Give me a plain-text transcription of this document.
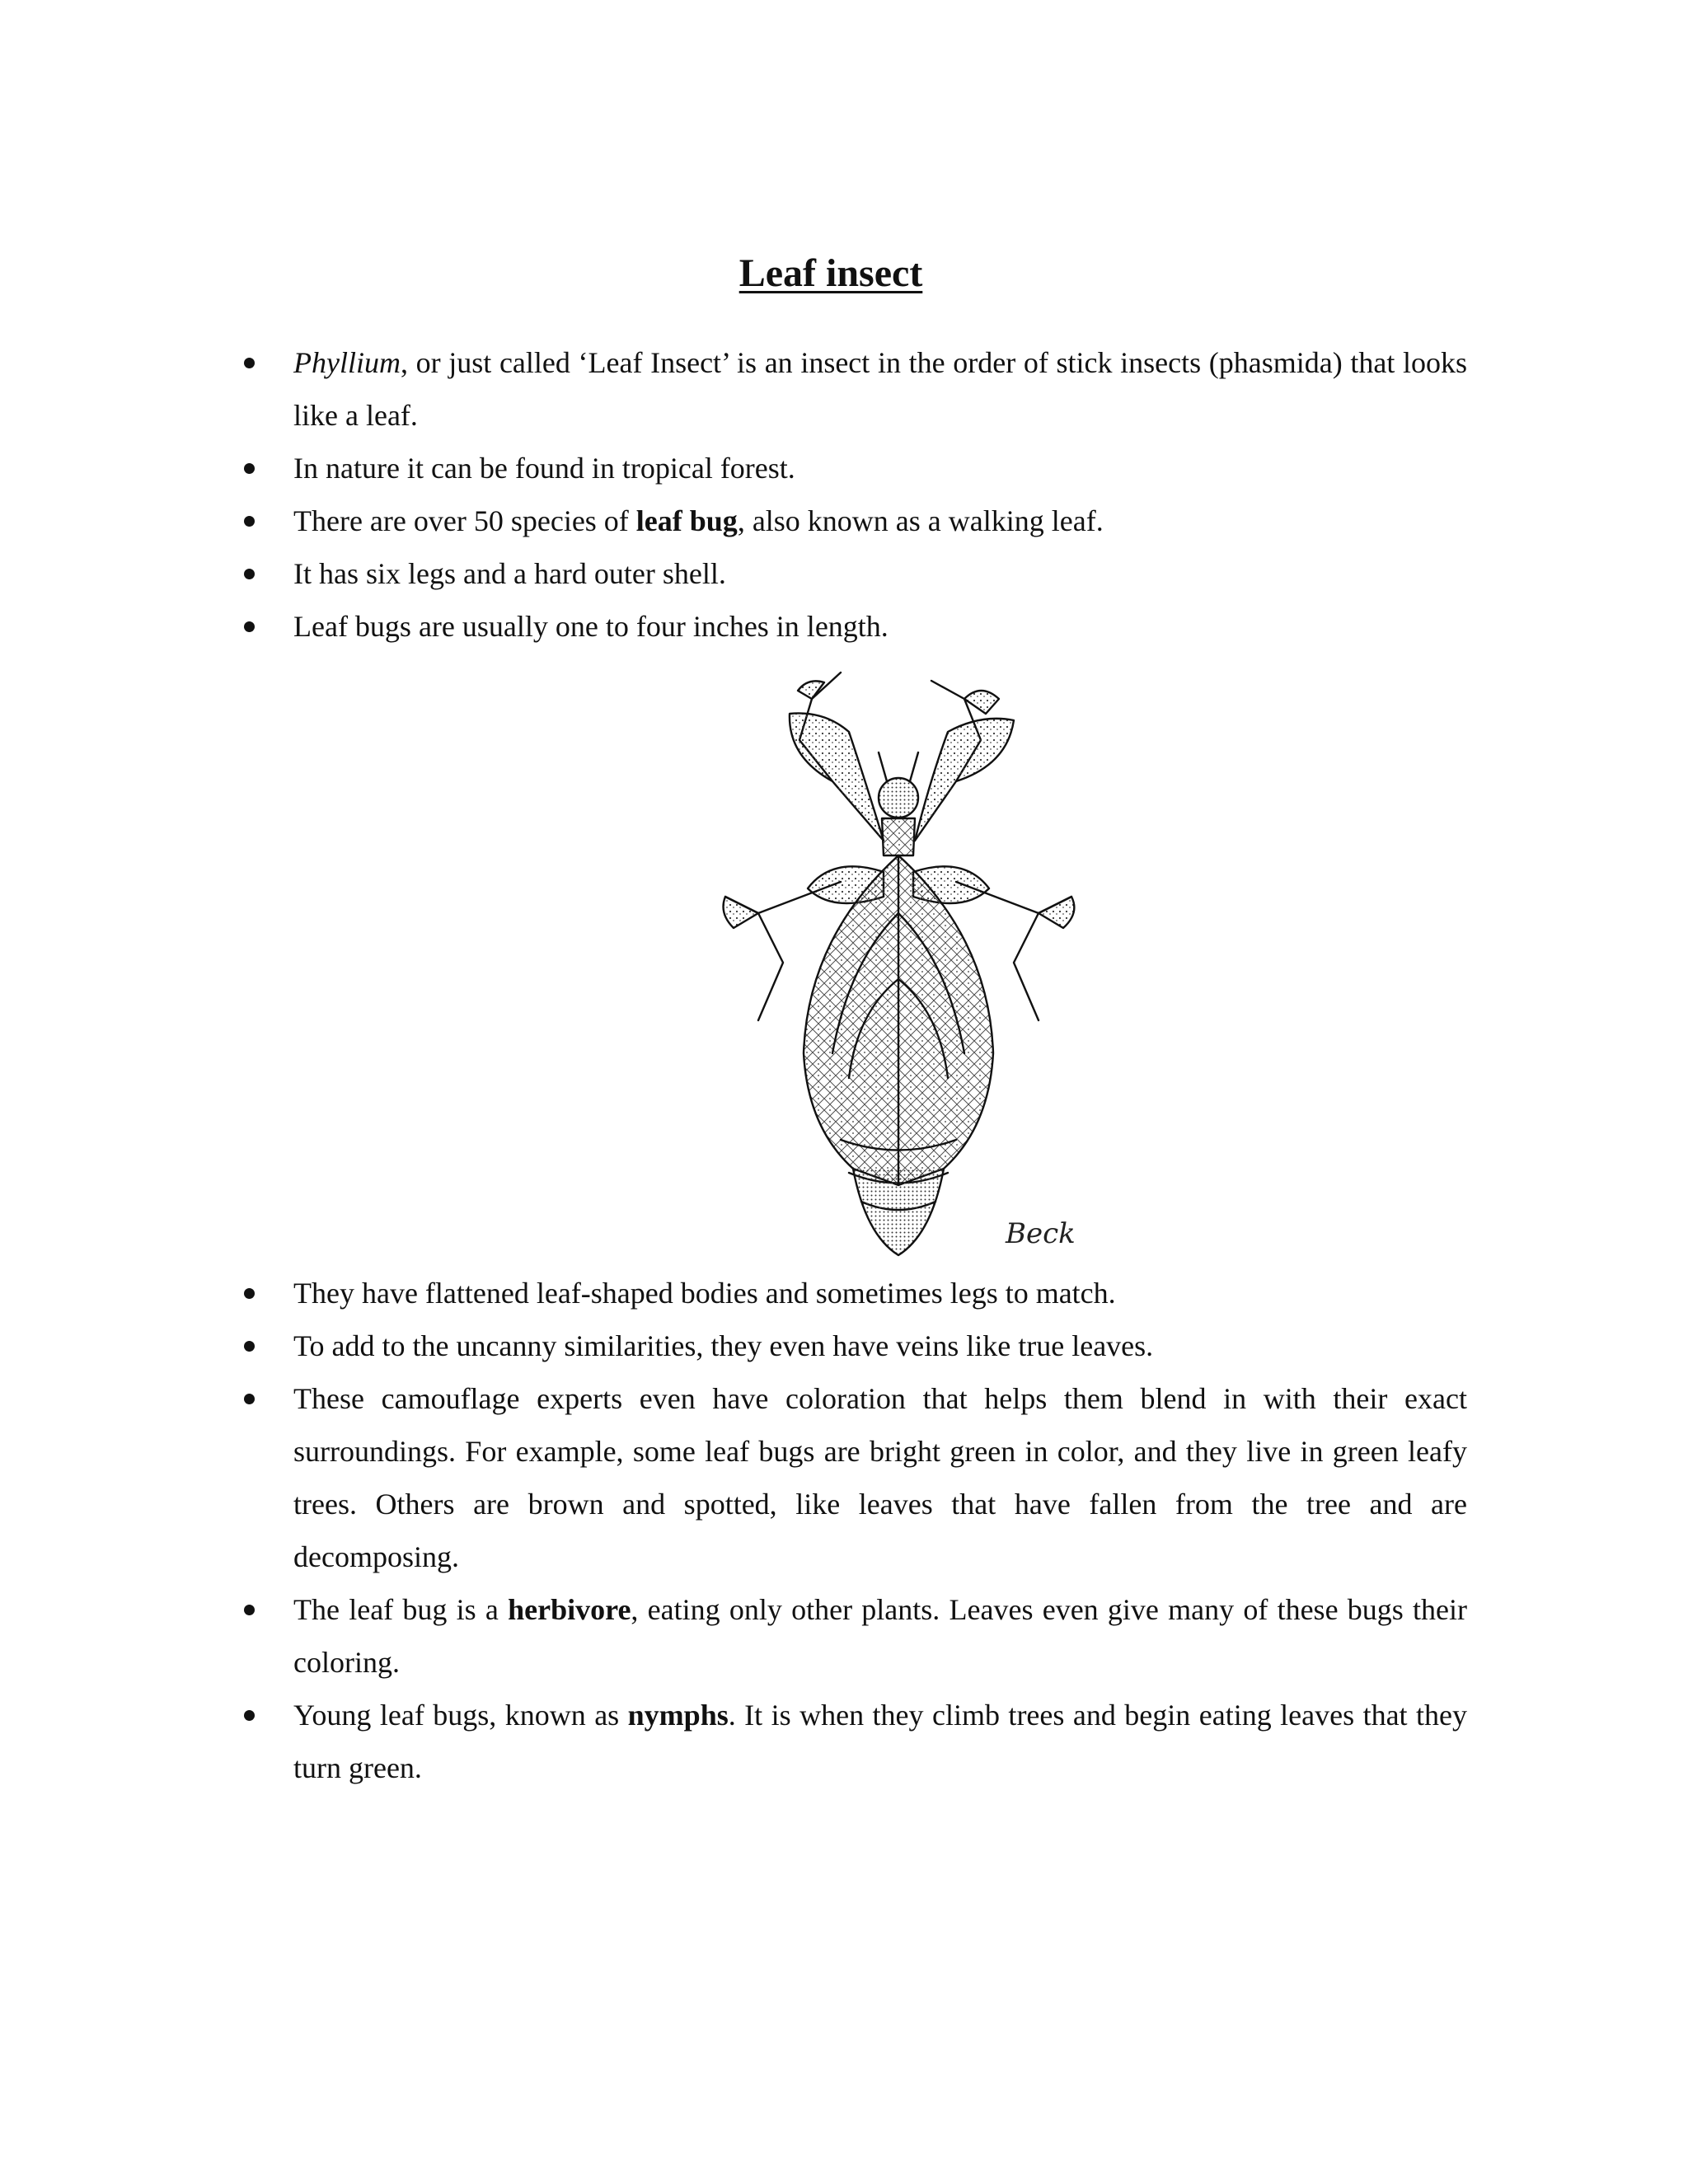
Leaf insect
Phyllium, or just called ‘Leaf Insect’ is an insect in the order of stick insects (phasmida) that looks like a leaf.
In nature it can be found in tropical forest.
There are over 50 species of leaf bug, also known as a walking leaf.
It has six legs and a hard outer shell.
Leaf bugs are usually one to four inches in length.
Beck
They have flattened leaf-shaped bodies and sometimes legs to match.
To add to the uncanny similarities, they even have veins like true leaves.
These camouflage experts even have coloration that helps them blend in with their exact surroundings. For example, some leaf bugs are bright green in color, and they live in green leafy trees. Others are brown and spotted, like leaves that have fallen from the tree and are decomposing.
The leaf bug is a herbivore, eating only other plants. Leaves even give many of these bugs their coloring.
Young leaf bugs, known as nymphs. It is when they climb trees and begin eating leaves that they turn green.
